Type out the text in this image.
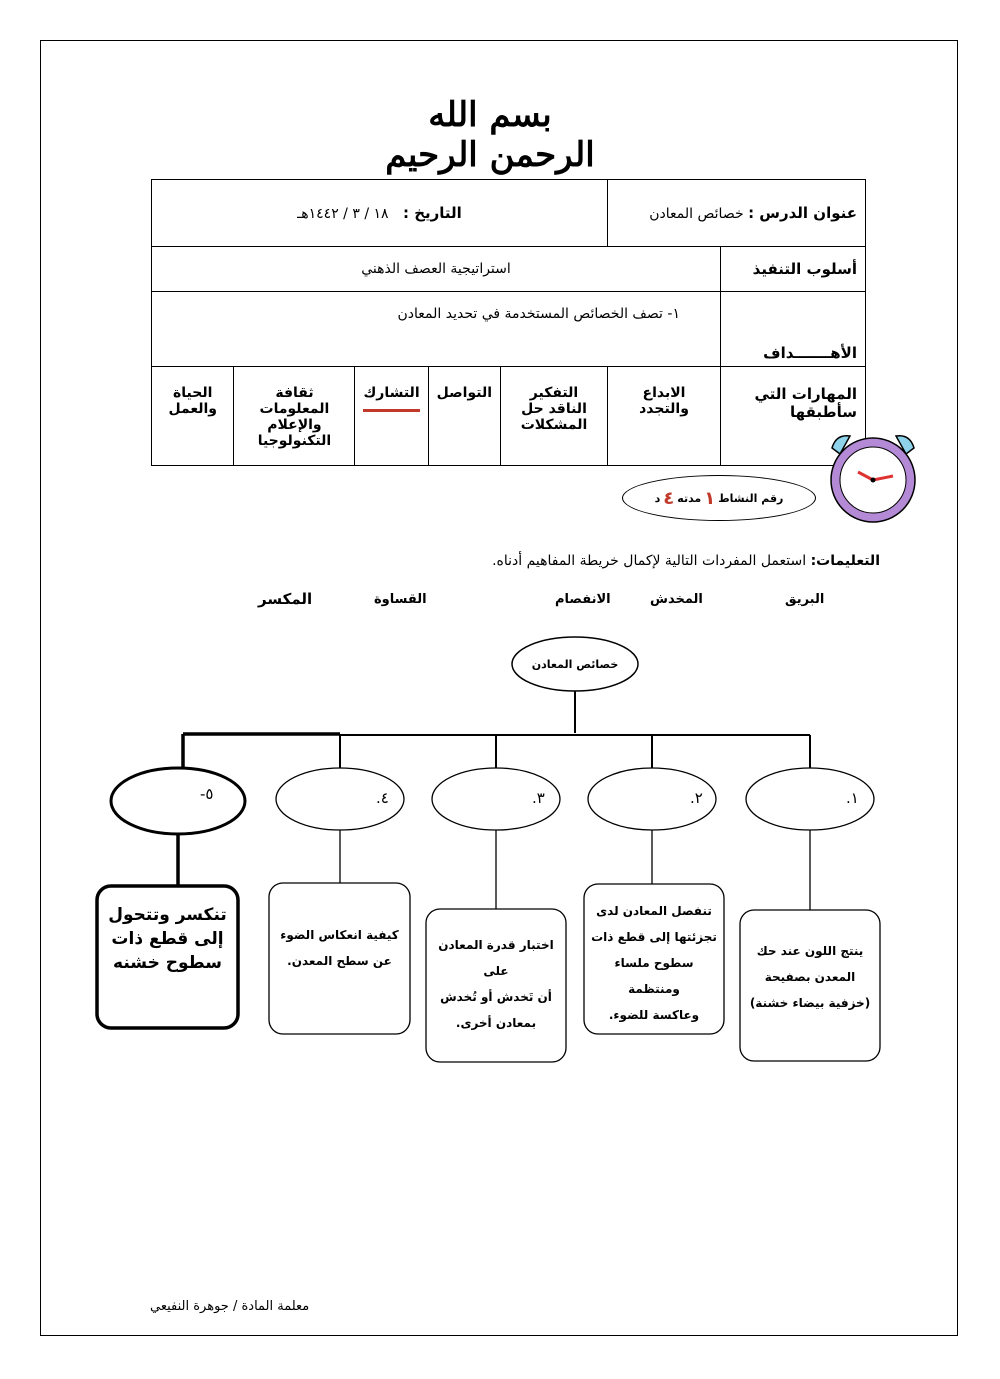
بسم الله الرحمن الرحيم
عنوان الدرس : خصائص المعادن		التاريخ : ١٨ / ٣ / ١٤٤٢هـ				
أسلوب التنفيذ	استراتيجية العصف الذهني					
الأهـــــــداف	١- تصف الخصائص المستخدمة في تحديد المعادن					
المهارات التي سأطبقها	الابداع والتجدد	التفكير الناقد حل المشكلات	التواصل	التشارك	ثقافة المعلومات والإعلام التكنولوجيا	الحياة والعمل
رقم النشاط
١
مدته
٤
د
التعليمات: استعمل المفردات التالية لإكمال خريطة المفاهيم أدناه.
البريق
المخدش
الانفصام
القساوة
المكسر
خصائص المعادن
١.
٢.
٣.
٤.
٥-
ينتج اللون عند حك
المعدن بصفيحة
(خزفية بيضاء خشنة)
تنفصل المعادن لدى
تجزئتها إلى قطع ذات
سطوح ملساء ومنتظمة
وعاكسة للضوء.
اختبار قدرة المعادن على
أن تَخدش أو تُخدش
بمعادن أخرى.
كيفية انعكاس الضوء
عن سطح المعدن.
تنكسر وتتحول
إلى قطع ذات
سطوح خشنه
معلمة المادة / جوهرة النفيعي
